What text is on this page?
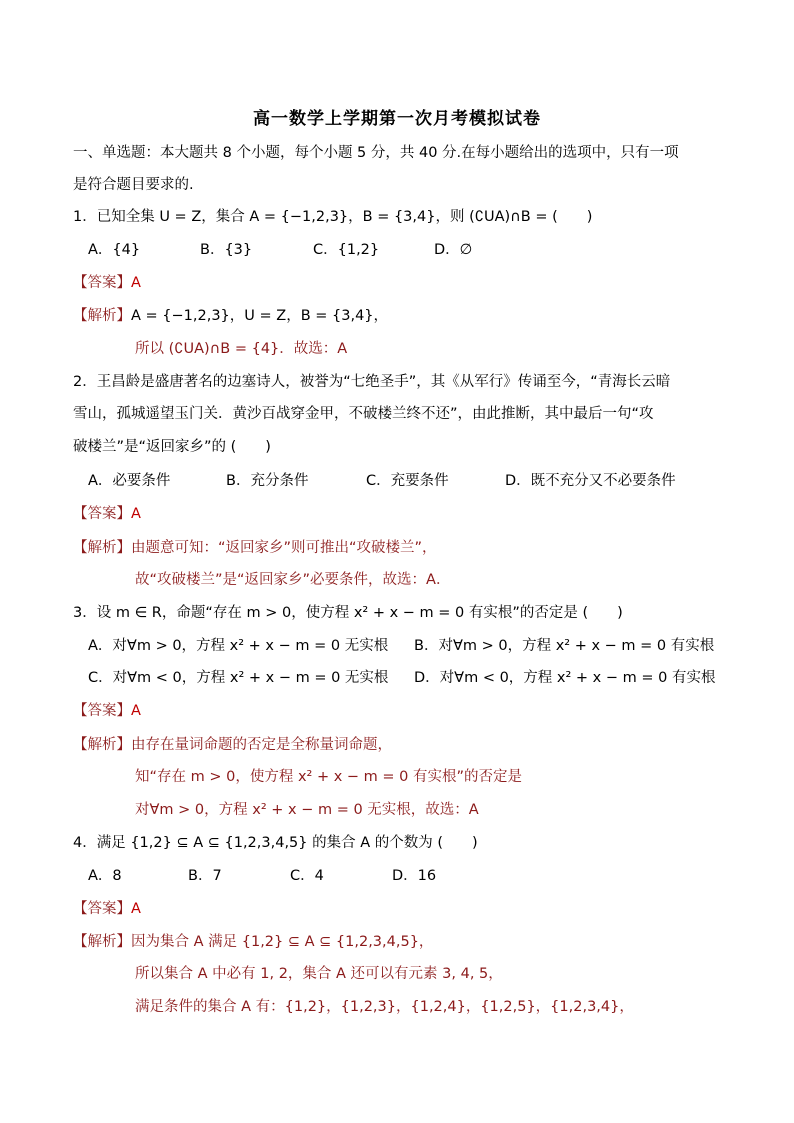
高一数学上学期第一次月考模拟试卷
一、单选题：本大题共 8 个小题，每个小题 5 分，共 40 分.在每小题给出的选项中，只有一项
是符合题目要求的.
1．已知全集 U = Z，集合 A = {−1,2,3}，B = {3,4}，则 (∁UA)∩B = (　　)
A．{4}	B．{3}	C．{1,2}	D．∅
【答案】A
【解析】A = {−1,2,3}，U = Z，B = {3,4}，
所以 (∁UA)∩B = {4}．故选：A
2．王昌龄是盛唐著名的边塞诗人，被誉为“七绝圣手”，其《从军行》传诵至今，“青海长云暗
雪山，孤城遥望玉门关．黄沙百战穿金甲，不破楼兰终不还”，由此推断，其中最后一句“攻
破楼兰”是“返回家乡”的 (　　)
A．必要条件	B．充分条件	C．充要条件	D．既不充分又不必要条件
【答案】A
【解析】由题意可知：“返回家乡”则可推出“攻破楼兰”，
故“攻破楼兰”是“返回家乡”必要条件，故选：A．
3．设 m ∈ R，命题“存在 m > 0，使方程 x² + x − m = 0 有实根”的否定是 (　　)
A．对∀m > 0，方程 x² + x − m = 0 无实根 B．对∀m > 0，方程 x² + x − m = 0 有实根
C．对∀m < 0，方程 x² + x − m = 0 无实根 D．对∀m < 0，方程 x² + x − m = 0 有实根
【答案】A
【解析】由存在量词命题的否定是全称量词命题，
知“存在 m > 0，使方程 x² + x − m = 0 有实根”的否定是
对∀m > 0，方程 x² + x − m = 0 无实根，故选：A
4．满足 {1,2} ⊆ A ⊆ {1,2,3,4,5} 的集合 A 的个数为 (　　)
A．8	B．7	C．4	D．16
【答案】A
【解析】因为集合 A 满足 {1,2} ⊆ A ⊆ {1,2,3,4,5}，
所以集合 A 中必有 1, 2，集合 A 还可以有元素 3, 4, 5，
满足条件的集合 A 有：{1,2}，{1,2,3}，{1,2,4}，{1,2,5}，{1,2,3,4}，
